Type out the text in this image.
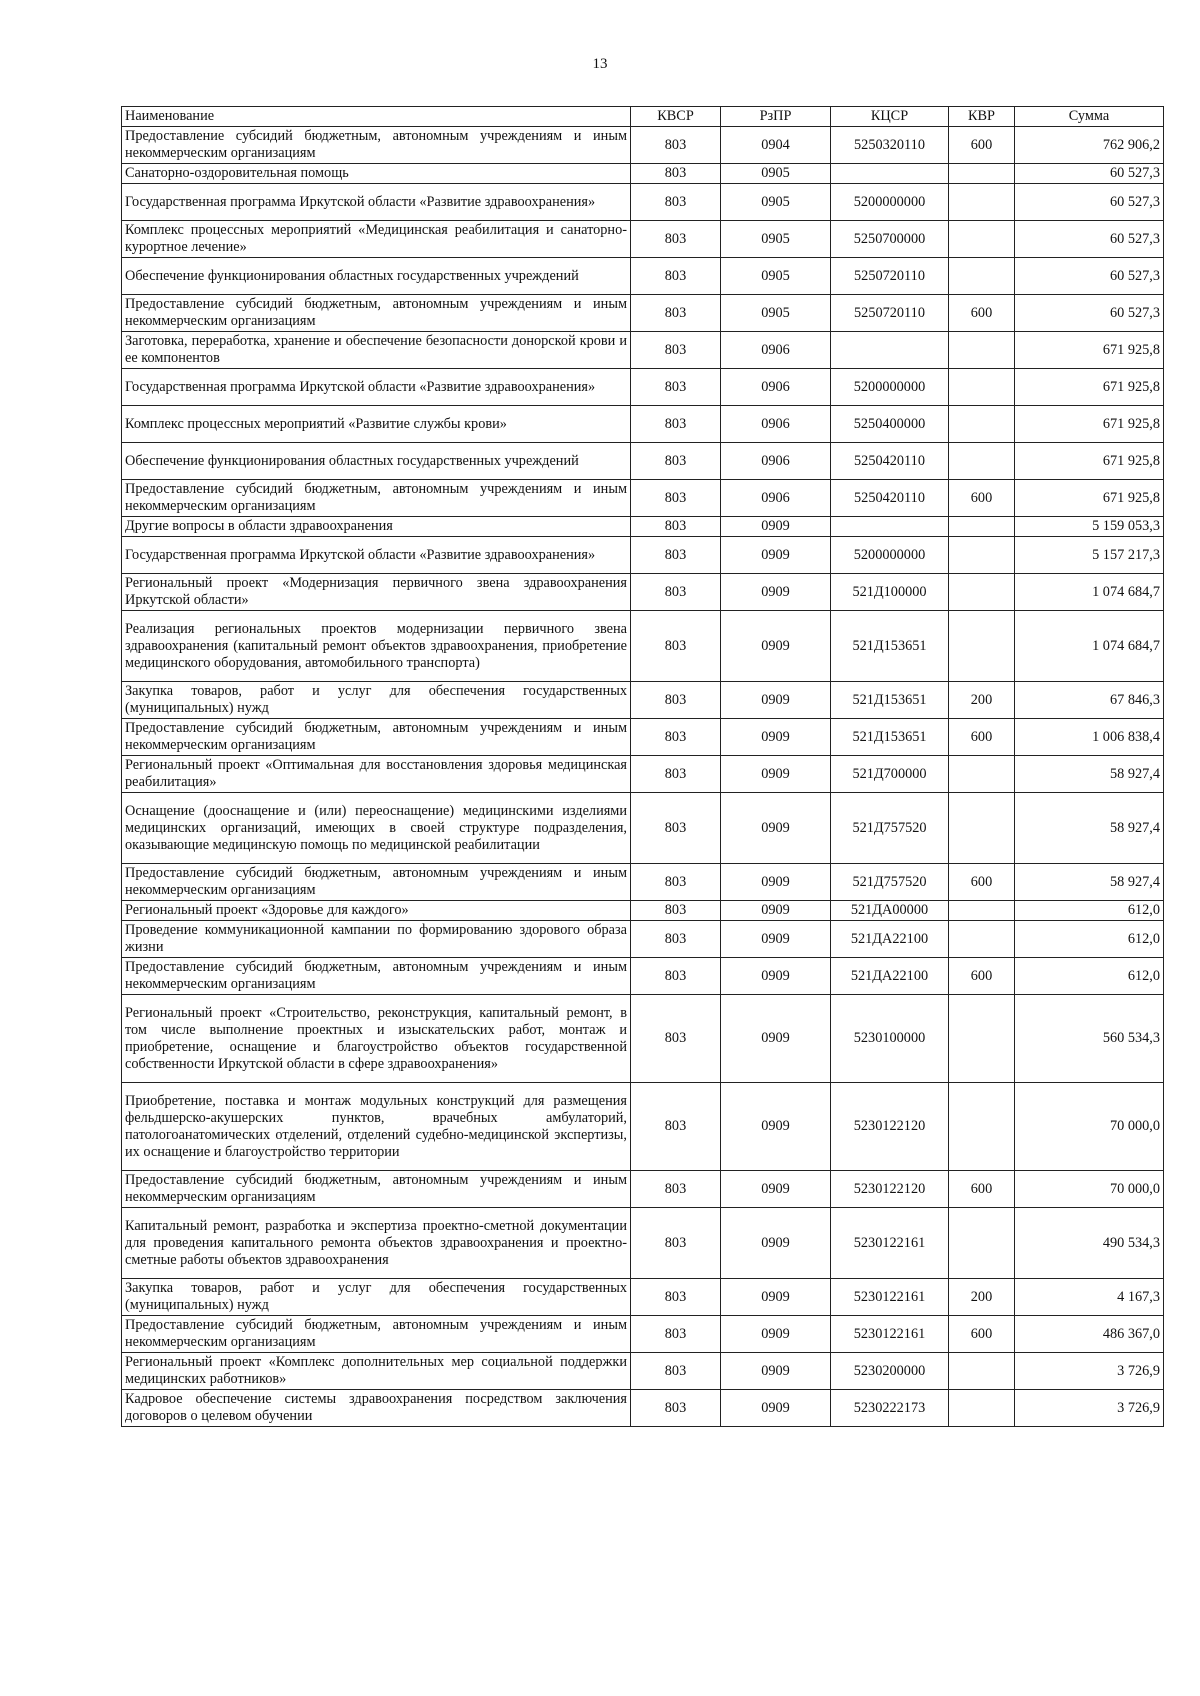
13
Наименование	КВСР	РзПР	КЦСР	КВР	Сумма
Предоставление субсидий бюджетным, автономным учреждениям и иным некоммерческим организациям	803	0904	5250320110	600	762 906,2
Санаторно-оздоровительная помощь	803	0905			60 527,3
Государственная программа Иркутской области «Развитие здравоохранения»	803	0905	5200000000		60 527,3
Комплекс процессных мероприятий «Медицинская реабилитация и санаторно-курортное лечение»	803	0905	5250700000		60 527,3
Обеспечение функционирования областных государственных учреждений	803	0905	5250720110		60 527,3
Предоставление субсидий бюджетным, автономным учреждениям и иным некоммерческим организациям	803	0905	5250720110	600	60 527,3
Заготовка, переработка, хранение и обеспечение безопасности донорской крови и ее компонентов	803	0906			671 925,8
Государственная программа Иркутской области «Развитие здравоохранения»	803	0906	5200000000		671 925,8
Комплекс процессных мероприятий «Развитие службы крови»	803	0906	5250400000		671 925,8
Обеспечение функционирования областных государственных учреждений	803	0906	5250420110		671 925,8
Предоставление субсидий бюджетным, автономным учреждениям и иным некоммерческим организациям	803	0906	5250420110	600	671 925,8
Другие вопросы в области здравоохранения	803	0909			5 159 053,3
Государственная программа Иркутской области «Развитие здравоохранения»	803	0909	5200000000		5 157 217,3
Региональный проект «Модернизация первичного звена здравоохранения Иркутской области»	803	0909	521Д100000		1 074 684,7
Реализация региональных проектов модернизации первичного звена здравоохранения (капитальный ремонт объектов здравоохранения, приобретение медицинского оборудования, автомобильного транспорта)	803	0909	521Д153651		1 074 684,7
Закупка товаров, работ и услуг для обеспечения государственных (муниципальных) нужд	803	0909	521Д153651	200	67 846,3
Предоставление субсидий бюджетным, автономным учреждениям и иным некоммерческим организациям	803	0909	521Д153651	600	1 006 838,4
Региональный проект «Оптимальная для восстановления здоровья медицинская реабилитация»	803	0909	521Д700000		58 927,4
Оснащение (дооснащение и (или) переоснащение) медицинскими изделиями медицинских организаций, имеющих в своей структуре подразделения, оказывающие медицинскую помощь по медицинской реабилитации	803	0909	521Д757520		58 927,4
Предоставление субсидий бюджетным, автономным учреждениям и иным некоммерческим организациям	803	0909	521Д757520	600	58 927,4
Региональный проект «Здоровье для каждого»	803	0909	521ДА00000		612,0
Проведение коммуникационной кампании по формированию здорового образа жизни	803	0909	521ДА22100		612,0
Предоставление субсидий бюджетным, автономным учреждениям и иным некоммерческим организациям	803	0909	521ДА22100	600	612,0
Региональный проект «Строительство, реконструкция, капитальный ремонт, в том числе выполнение проектных и изыскательских работ, монтаж и приобретение, оснащение и благоустройство объектов государственной собственности Иркутской области в сфере здравоохранения»	803	0909	5230100000		560 534,3
Приобретение, поставка и монтаж модульных конструкций для размещения фельдшерско-акушерских пунктов, врачебных амбулаторий, патологоанатомических отделений, отделений судебно-медицинской экспертизы, их оснащение и благоустройство территории	803	0909	5230122120		70 000,0
Предоставление субсидий бюджетным, автономным учреждениям и иным некоммерческим организациям	803	0909	5230122120	600	70 000,0
Капитальный ремонт, разработка и экспертиза проектно-сметной документации для проведения капитального ремонта объектов здравоохранения и проектно-сметные работы объектов здравоохранения	803	0909	5230122161		490 534,3
Закупка товаров, работ и услуг для обеспечения государственных (муниципальных) нужд	803	0909	5230122161	200	4 167,3
Предоставление субсидий бюджетным, автономным учреждениям и иным некоммерческим организациям	803	0909	5230122161	600	486 367,0
Региональный проект «Комплекс дополнительных мер социальной поддержки медицинских работников»	803	0909	5230200000		3 726,9
Кадровое обеспечение системы здравоохранения посредством заключения договоров о целевом обучении	803	0909	5230222173		3 726,9
